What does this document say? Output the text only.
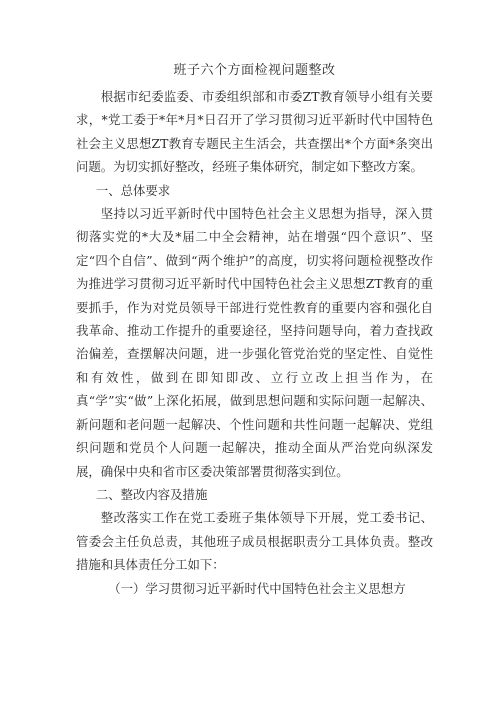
班子六个方面检视问题整改

根据市纪委监委、市委组织部和市委ZT教育领导小组有关要求，*党工委于*年*月*日召开了学习贯彻习近平新时代中国特色社会主义思想ZT教育专题民主生活会，共查摆出*个方面*条突出问题。为切实抓好整改，经班子集体研究，制定如下整改方案。

一、总体要求

坚持以习近平新时代中国特色社会主义思想为指导，深入贯彻落实党的*大及*届二中全会精神，站在增强“四个意识”、坚定“四个自信”、做到“两个维护”的高度，切实将问题检视整改作为推进学习贯彻习近平新时代中国特色社会主义思想ZT教育的重要抓手，作为对党员领导干部进行党性教育的重要内容和强化自我革命、推动工作提升的重要途径，坚持问题导向，着力查找政治偏差，查摆解决问题，进一步强化管党治党的坚定性、自觉性和有效性，做到在即知即改、立行立改上担当作为，在真“学”实“做”上深化拓展，做到思想问题和实际问题一起解决、新问题和老问题一起解决、个性问题和共性问题一起解决、党组织问题和党员个人问题一起解决，推动全面从严治党向纵深发展，确保中央和省市区委决策部署贯彻落实到位。

二、整改内容及措施

整改落实工作在党工委班子集体领导下开展，党工委书记、管委会主任负总责，其他班子成员根据职责分工具体负责。整改措施和具体责任分工如下：

（一）学习贯彻习近平新时代中国特色社会主义思想方
